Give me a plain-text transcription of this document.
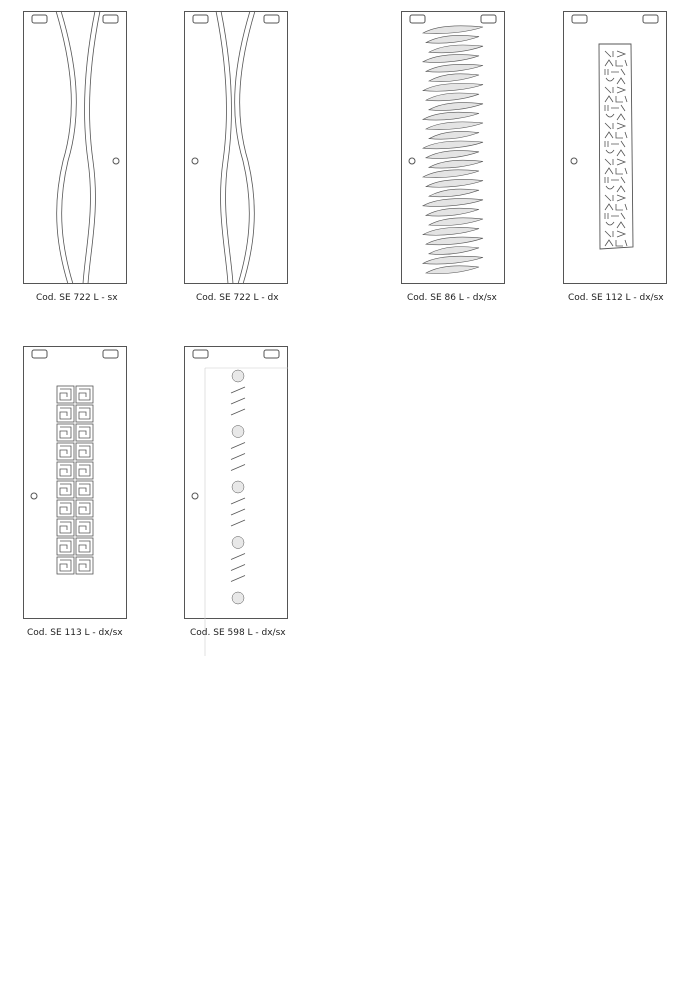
Cod. SE 722 L - sx	Cod. SE 722 L - dx	Cod. SE 86 L - dx/sx	Cod. SE 112 L - dx/sx
Cod. SE 113 L - dx/sx	Cod. SE 598 L - dx/sx
